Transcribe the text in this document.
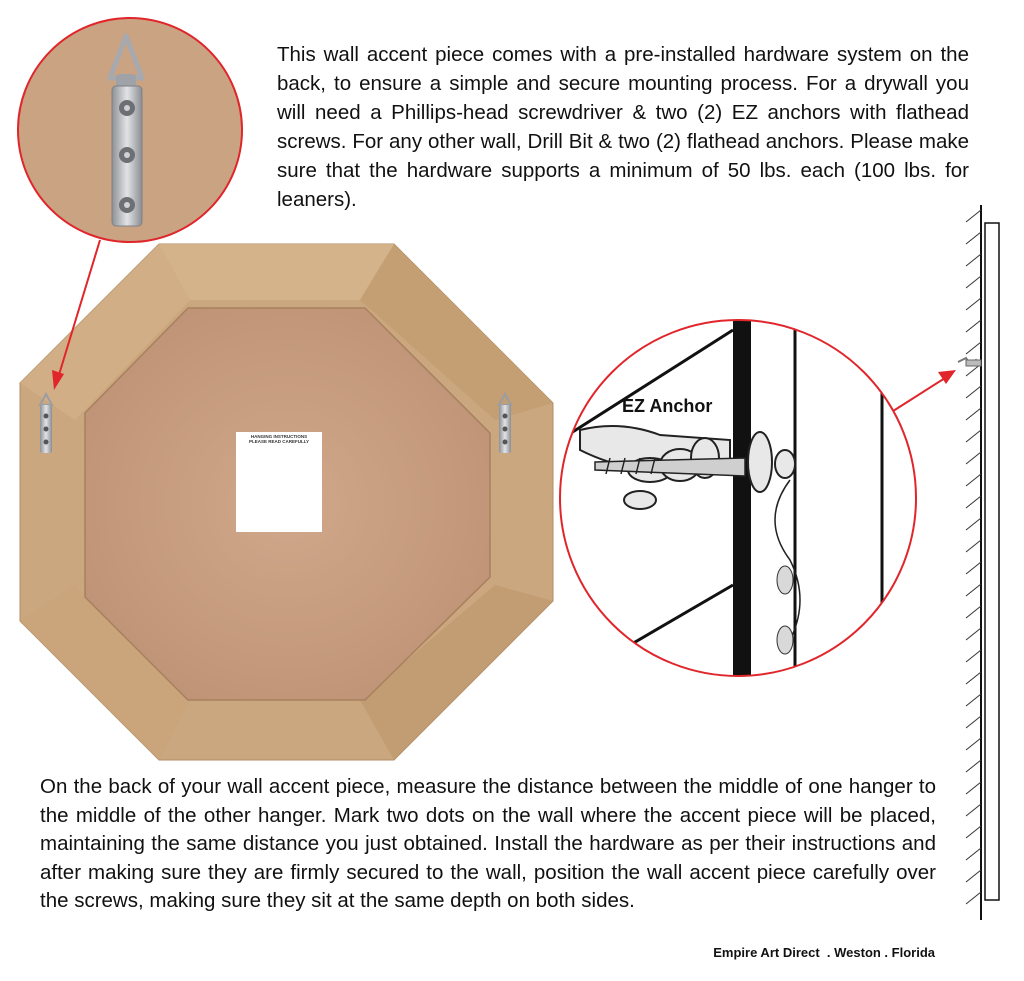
EZ Anchor
HANGING INSTRUCTIONS
PLEASE READ CAREFULLY
This wall accent piece comes with a pre-installed hardware system on the back, to ensure a simple and secure mounting process. For a drywall you will need a Phillips-head screwdriver & two (2) EZ anchors with flathead screws. For any other wall, Drill Bit & two (2) flathead anchors. Please make sure that the hardware supports a minimum of 50 lbs. each (100 lbs. for leaners).
On the back of your wall accent piece, measure the distance between the middle of one hanger to the middle of the other hanger. Mark two dots on the wall where the accent piece will be placed, maintaining the same distance you just obtained. Install the hardware as per their instructions and after making sure they are firmly secured to the wall, position the wall accent piece carefully over the screws, making sure they sit at the same depth on both sides.
Empire Art Direct  . Weston . Florida
